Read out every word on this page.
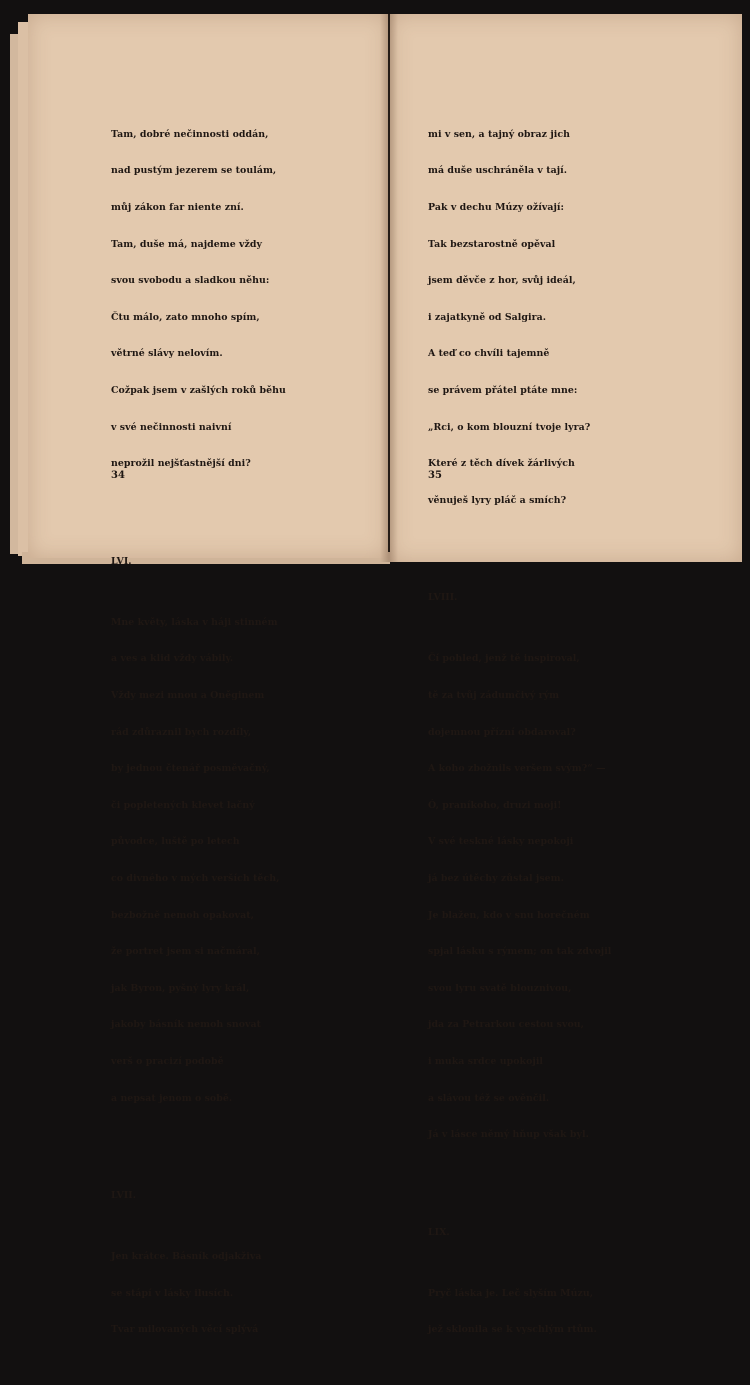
Tam, dobré nečinnosti oddán,

nad pustým jezerem se toulám,

můj zákon far niente zní.

Tam, duše má, najdeme vždy

svou svobodu a sladkou něhu:

Čtu málo, zato mnoho spím,

větrné slávy nelovím.

Cožpak jsem v zašlých roků běhu

v své nečinnosti naivní

neprožil nejšťastnější dni?

LVI.

Mne květy, láska v háji stinném

a ves a klid vždy vábily.

Vždy mezi mnou a Oněginem

rád zdůraznil bych rozdíly,

by jednou čtenář posměvačný,

či popletených klevet lačný

původce, luště po letech

co divného v mých verších těch,

bezbožně nemoh opakovat,

že portret jsem si načmáral,

jak Byron, pyšný lyry král,

jakoby básník nemoh snovat

verš o pracizí podobě

a nepsat jenom o sobě.

LVII.

Jen krátce. Básník odjakživa

se stápí v lásky ilusích.

Tvar milovaných věcí splývá

34

mi v sen, a tajný obraz jich

má duše uschráněla v tají.

Pak v dechu Múzy ožívají:

Tak bezstarostně opěval

jsem děvče z hor, svůj ideál,

i zajatkyně od Salgira.

A teď co chvíli tajemně

se právem přátel ptáte mne:

„Rci, o kom blouzní tvoje lyra?

Které z těch dívek žárlivých

věnuješ lyry pláč a smích?

LVIII.

Čí pohled, jenž tě inspiroval,

tě za tvůj zádumčivý rým

dojemnou přízní obdaroval?

A koho zbožnils veršem svým?“ —

Ó, praníkoho, druzi moji!

V své teskné lásky nepokoji

já bez útěchy zůstal jsem.

Je blažen, kdo v snu horečném

spjal lásku s rýmem; on tak zdvojil

svou lyru svatě blouznivou,

jda za Petrarkou cestou svou,

i muka srdce upokojil

a slávou též se ověnčil.

Já v lásce němý hňup však byl.

LIX.

Pryč láska je. Leč slyším Múzu,

jež sklonila se k vyschlým rtům.

35
